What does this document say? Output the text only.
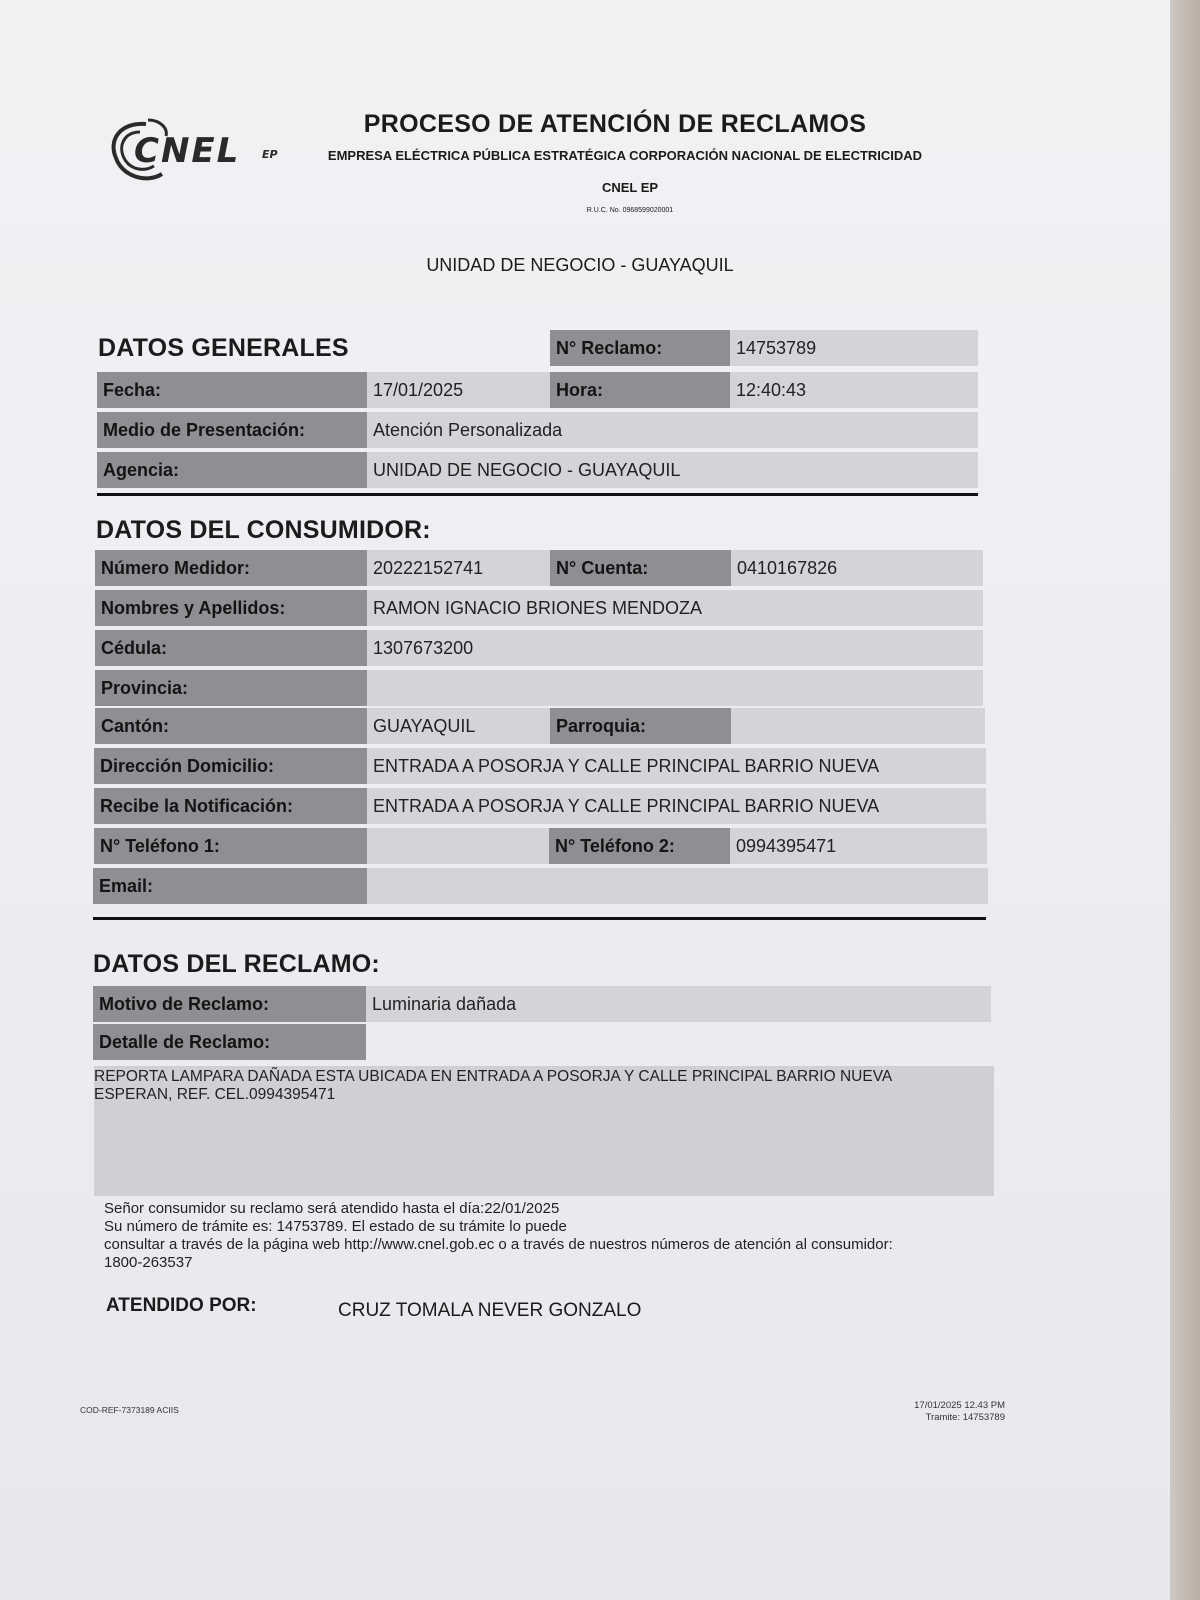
CNEL EP
PROCESO DE ATENCIÓN DE RECLAMOS
EMPRESA ELÉCTRICA PÚBLICA ESTRATÉGICA CORPORACIÓN NACIONAL DE ELECTRICIDAD
CNEL EP
R.U.C. No. 0968599020001
UNIDAD DE NEGOCIO - GUAYAQUIL
DATOS GENERALES	N° Reclamo:	14753789
Fecha:	17/01/2025	Hora:	12:40:43
Medio de Presentación:	Atención Personalizada
Agencia:	UNIDAD DE NEGOCIO - GUAYAQUIL
DATOS DEL CONSUMIDOR:
Número Medidor:	20222152741	N° Cuenta:	0410167826
Nombres y Apellidos:	RAMON IGNACIO BRIONES MENDOZA
Cédula:	1307673200
Provincia:
Cantón:	GUAYAQUIL	Parroquia:
Dirección Domicilio:	ENTRADA A POSORJA Y CALLE PRINCIPAL BARRIO NUEVA
Recibe la Notificación:	ENTRADA A POSORJA Y CALLE PRINCIPAL BARRIO NUEVA
N° Teléfono 1:	N° Teléfono 2:	0994395471
Email:
DATOS DEL RECLAMO:
Motivo de Reclamo:	Luminaria dañada
Detalle de Reclamo:
REPORTA LAMPARA DAÑADA ESTA UBICADA EN ENTRADA A POSORJA Y CALLE PRINCIPAL BARRIO NUEVA
ESPERAN, REF. CEL.0994395471
Señor consumidor su reclamo será atendido hasta el día:22/01/2025
Su número de trámite es: 14753789. El estado de su trámite lo puede
consultar a través de la página web http://www.cnel.gob.ec o a través de nuestros números de atención al consumidor:
1800-263537
ATENDIDO POR:	CRUZ TOMALA NEVER GONZALO
COD-REF-7373189 ACIIS	17/01/2025 12.43 PM
Tramite: 14753789
